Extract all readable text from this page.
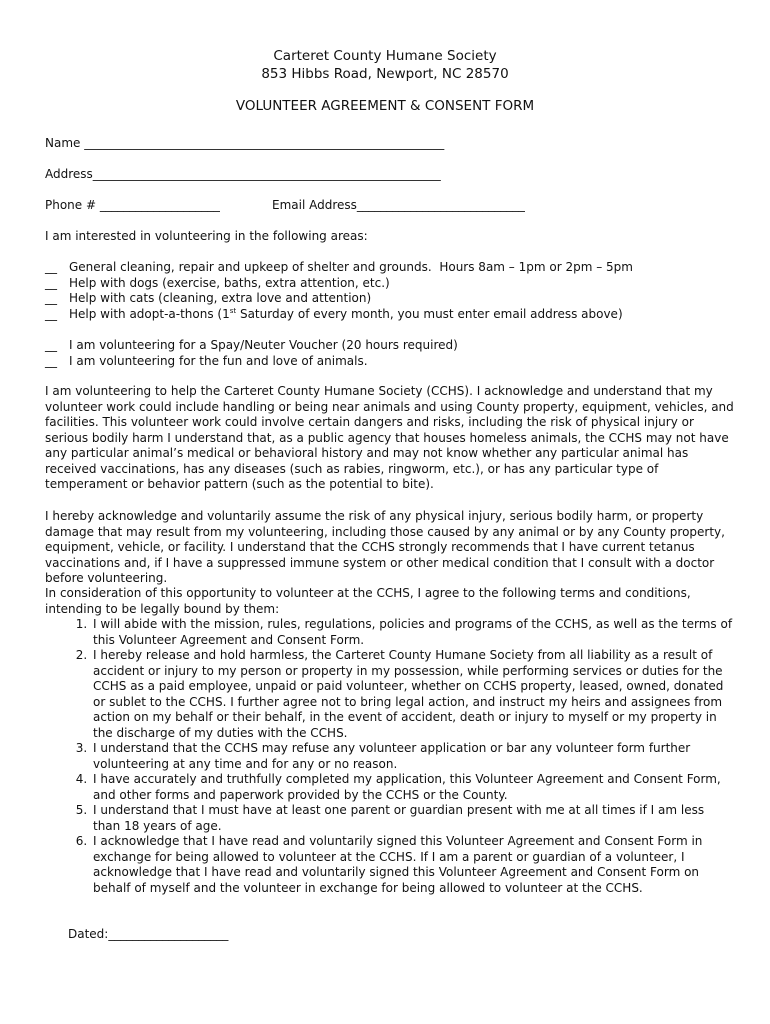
Carteret County Humane Society
853 Hibbs Road, Newport, NC 28570
VOLUNTEER AGREEMENT & CONSENT FORM
Name ____________________________________________________________
Address__________________________________________________________
Phone # ____________________	Email Address____________________________
I am interested in volunteering in the following areas:
__ General cleaning, repair and upkeep of shelter and grounds.  Hours 8am – 1pm or 2pm – 5pm
__ Help with dogs (exercise, baths, extra attention, etc.)
__ Help with cats (cleaning, extra love and attention)
__ Help with adopt-a-thons (1st Saturday of every month, you must enter email address above)
__ I am volunteering for a Spay/Neuter Voucher (20 hours required)
__ I am volunteering for the fun and love of animals.

I am volunteering to help the Carteret County Humane Society (CCHS). I acknowledge and understand that my volunteer work could include handling or being near animals and using County property, equipment, vehicles, and facilities. This volunteer work could involve certain dangers and risks, including the risk of physical injury or serious bodily harm I understand that, as a public agency that houses homeless animals, the CCHS may not have any particular animal’s medical or behavioral history and may not know whether any particular animal has received vaccinations, has any diseases (such as rabies, ringworm, etc.), or has any particular type of temperament or behavior pattern (such as the potential to bite).

I hereby acknowledge and voluntarily assume the risk of any physical injury, serious bodily harm, or property damage that may result from my volunteering, including those caused by any animal or by any County property, equipment, vehicle, or facility. I understand that the CCHS strongly recommends that I have current tetanus vaccinations and, if I have a suppressed immune system or other medical condition that I consult with a doctor before volunteering.

In consideration of this opportunity to volunteer at the CCHS, I agree to the following terms and conditions, intending to be legally bound by them:

1. I will abide with the mission, rules, regulations, policies and programs of the CCHS, as well as the terms of this Volunteer Agreement and Consent Form.
2. I hereby release and hold harmless, the Carteret County Humane Society from all liability as a result of accident or injury to my person or property in my possession, while performing services or duties for the CCHS as a paid employee, unpaid or paid volunteer, whether on CCHS property, leased, owned, donated or sublet to the CCHS. I further agree not to bring legal action, and instruct my heirs and assignees from action on my behalf or their behalf, in the event of accident, death or injury to myself or my property in the discharge of my duties with the CCHS.
3. I understand that the CCHS may refuse any volunteer application or bar any volunteer form further volunteering at any time and for any or no reason.
4. I have accurately and truthfully completed my application, this Volunteer Agreement and Consent Form, and other forms and paperwork provided by the CCHS or the County.
5. I understand that I must have at least one parent or guardian present with me at all times if I am less than 18 years of age.
6. I acknowledge that I have read and voluntarily signed this Volunteer Agreement and Consent Form in exchange for being allowed to volunteer at the CCHS. If I am a parent or guardian of a volunteer, I acknowledge that I have read and voluntarily signed this Volunteer Agreement and Consent Form on behalf of myself and the volunteer in exchange for being allowed to volunteer at the CCHS.
Dated:____________________
